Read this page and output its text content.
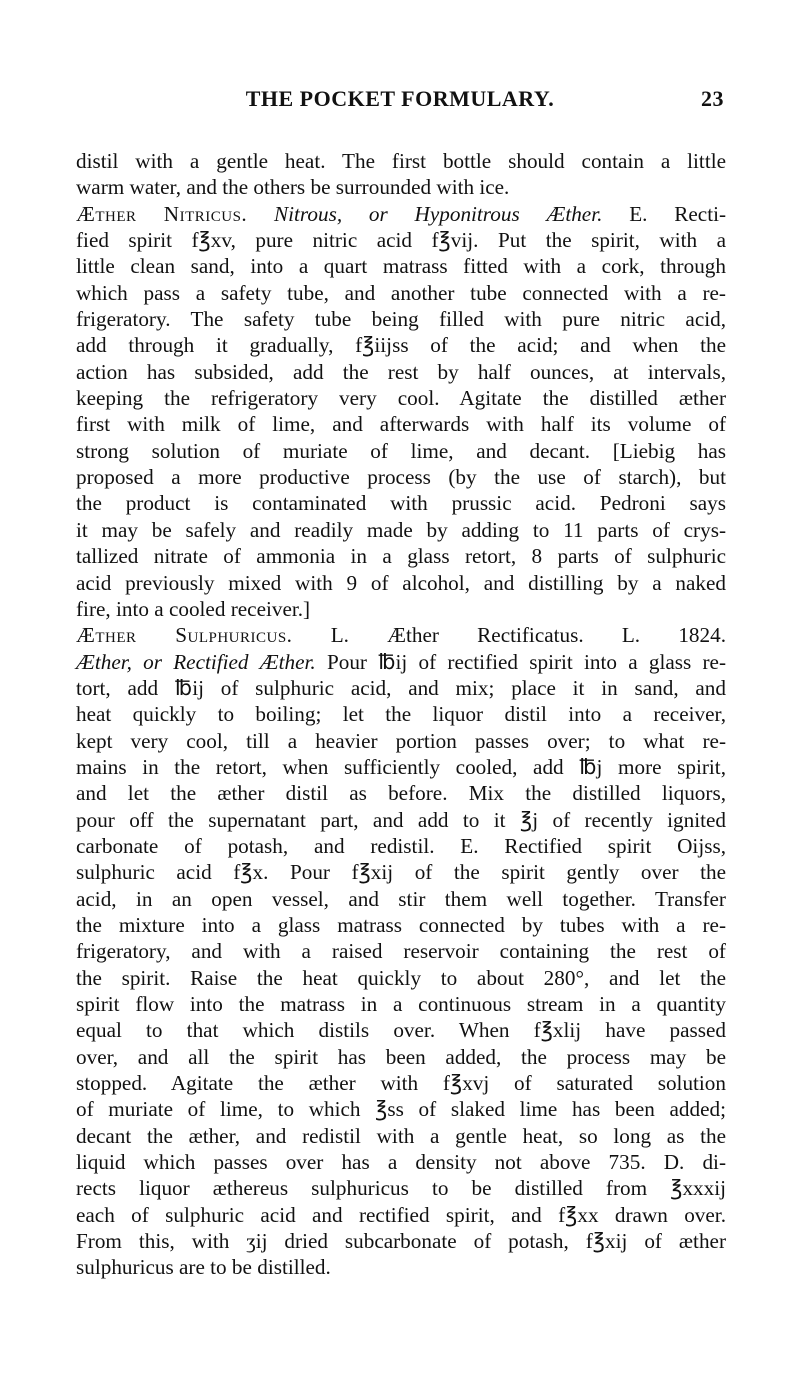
THE POCKET FORMULARY.	23

distil with a gentle heat. The first bottle should contain a little
warm water, and the others be surrounded with ice.

Æther Nitricus. Nitrous, or Hyponitrous Æther. E. Recti-
fied spirit f℥xv, pure nitric acid f℥vij. Put the spirit, with a
little clean sand, into a quart matrass fitted with a cork, through
which pass a safety tube, and another tube connected with a re-
frigeratory. The safety tube being filled with pure nitric acid,
add through it gradually, f℥iijss of the acid; and when the
action has subsided, add the rest by half ounces, at intervals,
keeping the refrigeratory very cool. Agitate the distilled æther
first with milk of lime, and afterwards with half its volume of
strong solution of muriate of lime, and decant. [Liebig has
proposed a more productive process (by the use of starch), but
the product is contaminated with prussic acid. Pedroni says
it may be safely and readily made by adding to 11 parts of crys-
tallized nitrate of ammonia in a glass retort, 8 parts of sulphuric
acid previously mixed with 9 of alcohol, and distilling by a naked
fire, into a cooled receiver.]

Æther Sulphuricus. L. Æther Rectificatus. L. 1824.
Æther, or Rectified Æther. Pour ℔ij of rectified spirit into a glass re-
tort, add ℔ij of sulphuric acid, and mix; place it in sand, and
heat quickly to boiling; let the liquor distil into a receiver,
kept very cool, till a heavier portion passes over; to what re-
mains in the retort, when sufficiently cooled, add ℔j more spirit,
and let the æther distil as before. Mix the distilled liquors,
pour off the supernatant part, and add to it ℥j of recently ignited
carbonate of potash, and redistil. E. Rectified spirit Oijss,
sulphuric acid f℥x. Pour f℥xij of the spirit gently over the
acid, in an open vessel, and stir them well together. Transfer
the mixture into a glass matrass connected by tubes with a re-
frigeratory, and with a raised reservoir containing the rest of
the spirit. Raise the heat quickly to about 280°, and let the
spirit flow into the matrass in a continuous stream in a quantity
equal to that which distils over. When f℥xlij have passed
over, and all the spirit has been added, the process may be
stopped. Agitate the æther with f℥xvj of saturated solution
of muriate of lime, to which ℥ss of slaked lime has been added;
decant the æther, and redistil with a gentle heat, so long as the
liquid which passes over has a density not above 735. D. di-
rects liquor æthereus sulphuricus to be distilled from ℥xxxij
each of sulphuric acid and rectified spirit, and f℥xx drawn over.
From this, with ʒij dried subcarbonate of potash, f℥xij of æther
sulphuricus are to be distilled.
